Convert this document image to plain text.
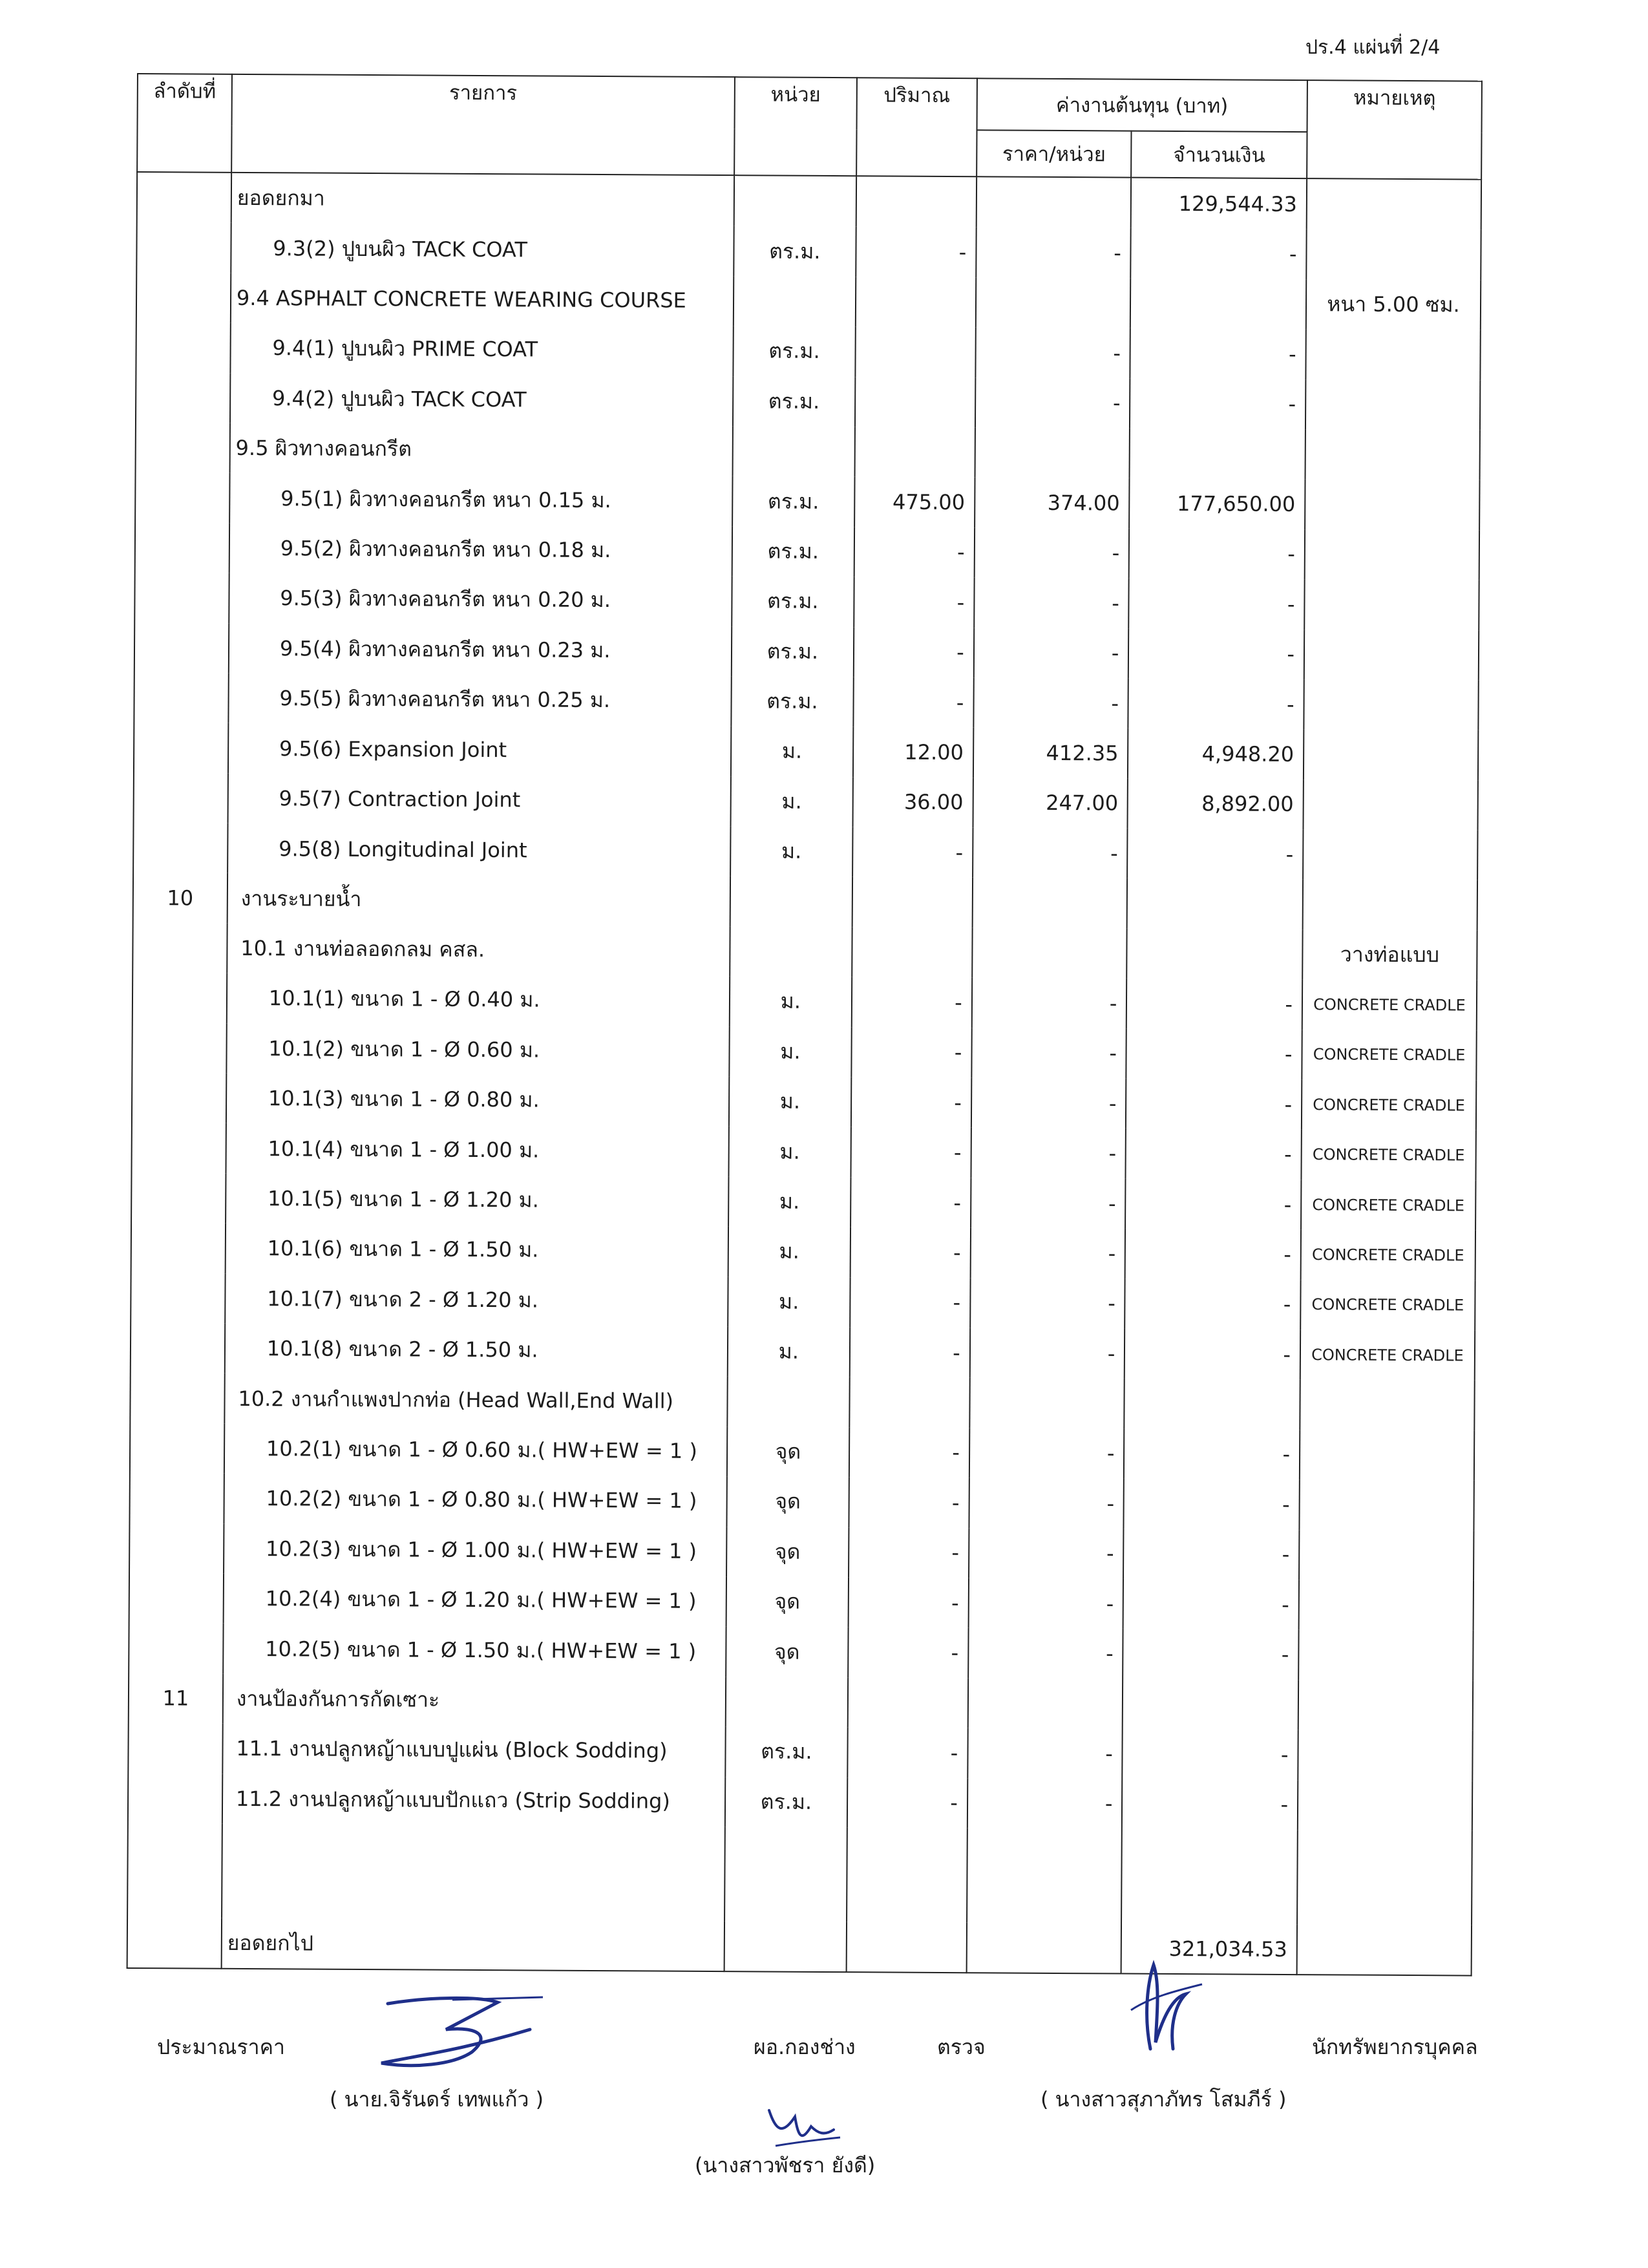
ปร.4 แผ่นที่ 2/4
ลำดับที่	รายการ	หน่วย	ปริมาณ	ค่างานต้นทุน (บาท)		หมายเหตุ
				ราคา/หน่วย	จำนวนเงิน	
	ยอดยกมา				129,544.33	
	9.3(2) ปูบนผิว TACK COAT	ตร.ม.	-	-	-	
	9.4 ASPHALT CONCRETE WEARING COURSE					หนา 5.00 ซม.
	9.4(1) ปูบนผิว PRIME COAT	ตร.ม.		-	-	
	9.4(2) ปูบนผิว TACK COAT	ตร.ม.		-	-	
	9.5 ผิวทางคอนกรีต					
	9.5(1) ผิวทางคอนกรีต หนา 0.15 ม.	ตร.ม.	475.00	374.00	177,650.00	
	9.5(2) ผิวทางคอนกรีต หนา 0.18 ม.	ตร.ม.	-	-	-	
	9.5(3) ผิวทางคอนกรีต หนา 0.20 ม.	ตร.ม.	-	-	-	
	9.5(4) ผิวทางคอนกรีต หนา 0.23 ม.	ตร.ม.	-	-	-	
	9.5(5) ผิวทางคอนกรีต หนา 0.25 ม.	ตร.ม.	-	-	-	
	9.5(6) Expansion Joint	ม.	12.00	412.35	4,948.20	
	9.5(7) Contraction Joint	ม.	36.00	247.00	8,892.00	
	9.5(8) Longitudinal Joint	ม.	-	-	-	
10	งานระบายน้ำ					
	10.1 งานท่อลอดกลม คสล.					วางท่อแบบ
	10.1(1) ขนาด 1 - Ø 0.40 ม.	ม.	-	-	-	CONCRETE CRADLE
	10.1(2) ขนาด 1 - Ø 0.60 ม.	ม.	-	-	-	CONCRETE CRADLE
	10.1(3) ขนาด 1 - Ø 0.80 ม.	ม.	-	-	-	CONCRETE CRADLE
	10.1(4) ขนาด 1 - Ø 1.00 ม.	ม.	-	-	-	CONCRETE CRADLE
	10.1(5) ขนาด 1 - Ø 1.20 ม.	ม.	-	-	-	CONCRETE CRADLE
	10.1(6) ขนาด 1 - Ø 1.50 ม.	ม.	-	-	-	CONCRETE CRADLE
	10.1(7) ขนาด 2 - Ø 1.20 ม.	ม.	-	-	-	CONCRETE CRADLE
	10.1(8) ขนาด 2 - Ø 1.50 ม.	ม.	-	-	-	CONCRETE CRADLE
	10.2 งานกำแพงปากท่อ (Head Wall,End Wall)					
	10.2(1) ขนาด 1 - Ø 0.60 ม.( HW+EW = 1 )	จุด	-	-	-	
	10.2(2) ขนาด 1 - Ø 0.80 ม.( HW+EW = 1 )	จุด	-	-	-	
	10.2(3) ขนาด 1 - Ø 1.00 ม.( HW+EW = 1 )	จุด	-	-	-	
	10.2(4) ขนาด 1 - Ø 1.20 ม.( HW+EW = 1 )	จุด	-	-	-	
	10.2(5) ขนาด 1 - Ø 1.50 ม.( HW+EW = 1 )	จุด	-	-	-	
11	งานป้องกันการกัดเซาะ					
	11.1 งานปลูกหญ้าแบบปูแผ่น (Block Sodding)	ตร.ม.	-	-	-	
	11.2 งานปลูกหญ้าแบบปักแถว (Strip Sodding)	ตร.ม.	-	-	-	

	ยอดยกไป				321,034.53	
ประมาณราคา
( นาย.จิรันดร์ เทพแก้ว )
ผอ.กองช่าง	ตรวจ	นักทรัพยากรบุคคล
( นางสาวสุภาภัทร โสมภีร์ )
(นางสาวพัชรา ยังดี)
